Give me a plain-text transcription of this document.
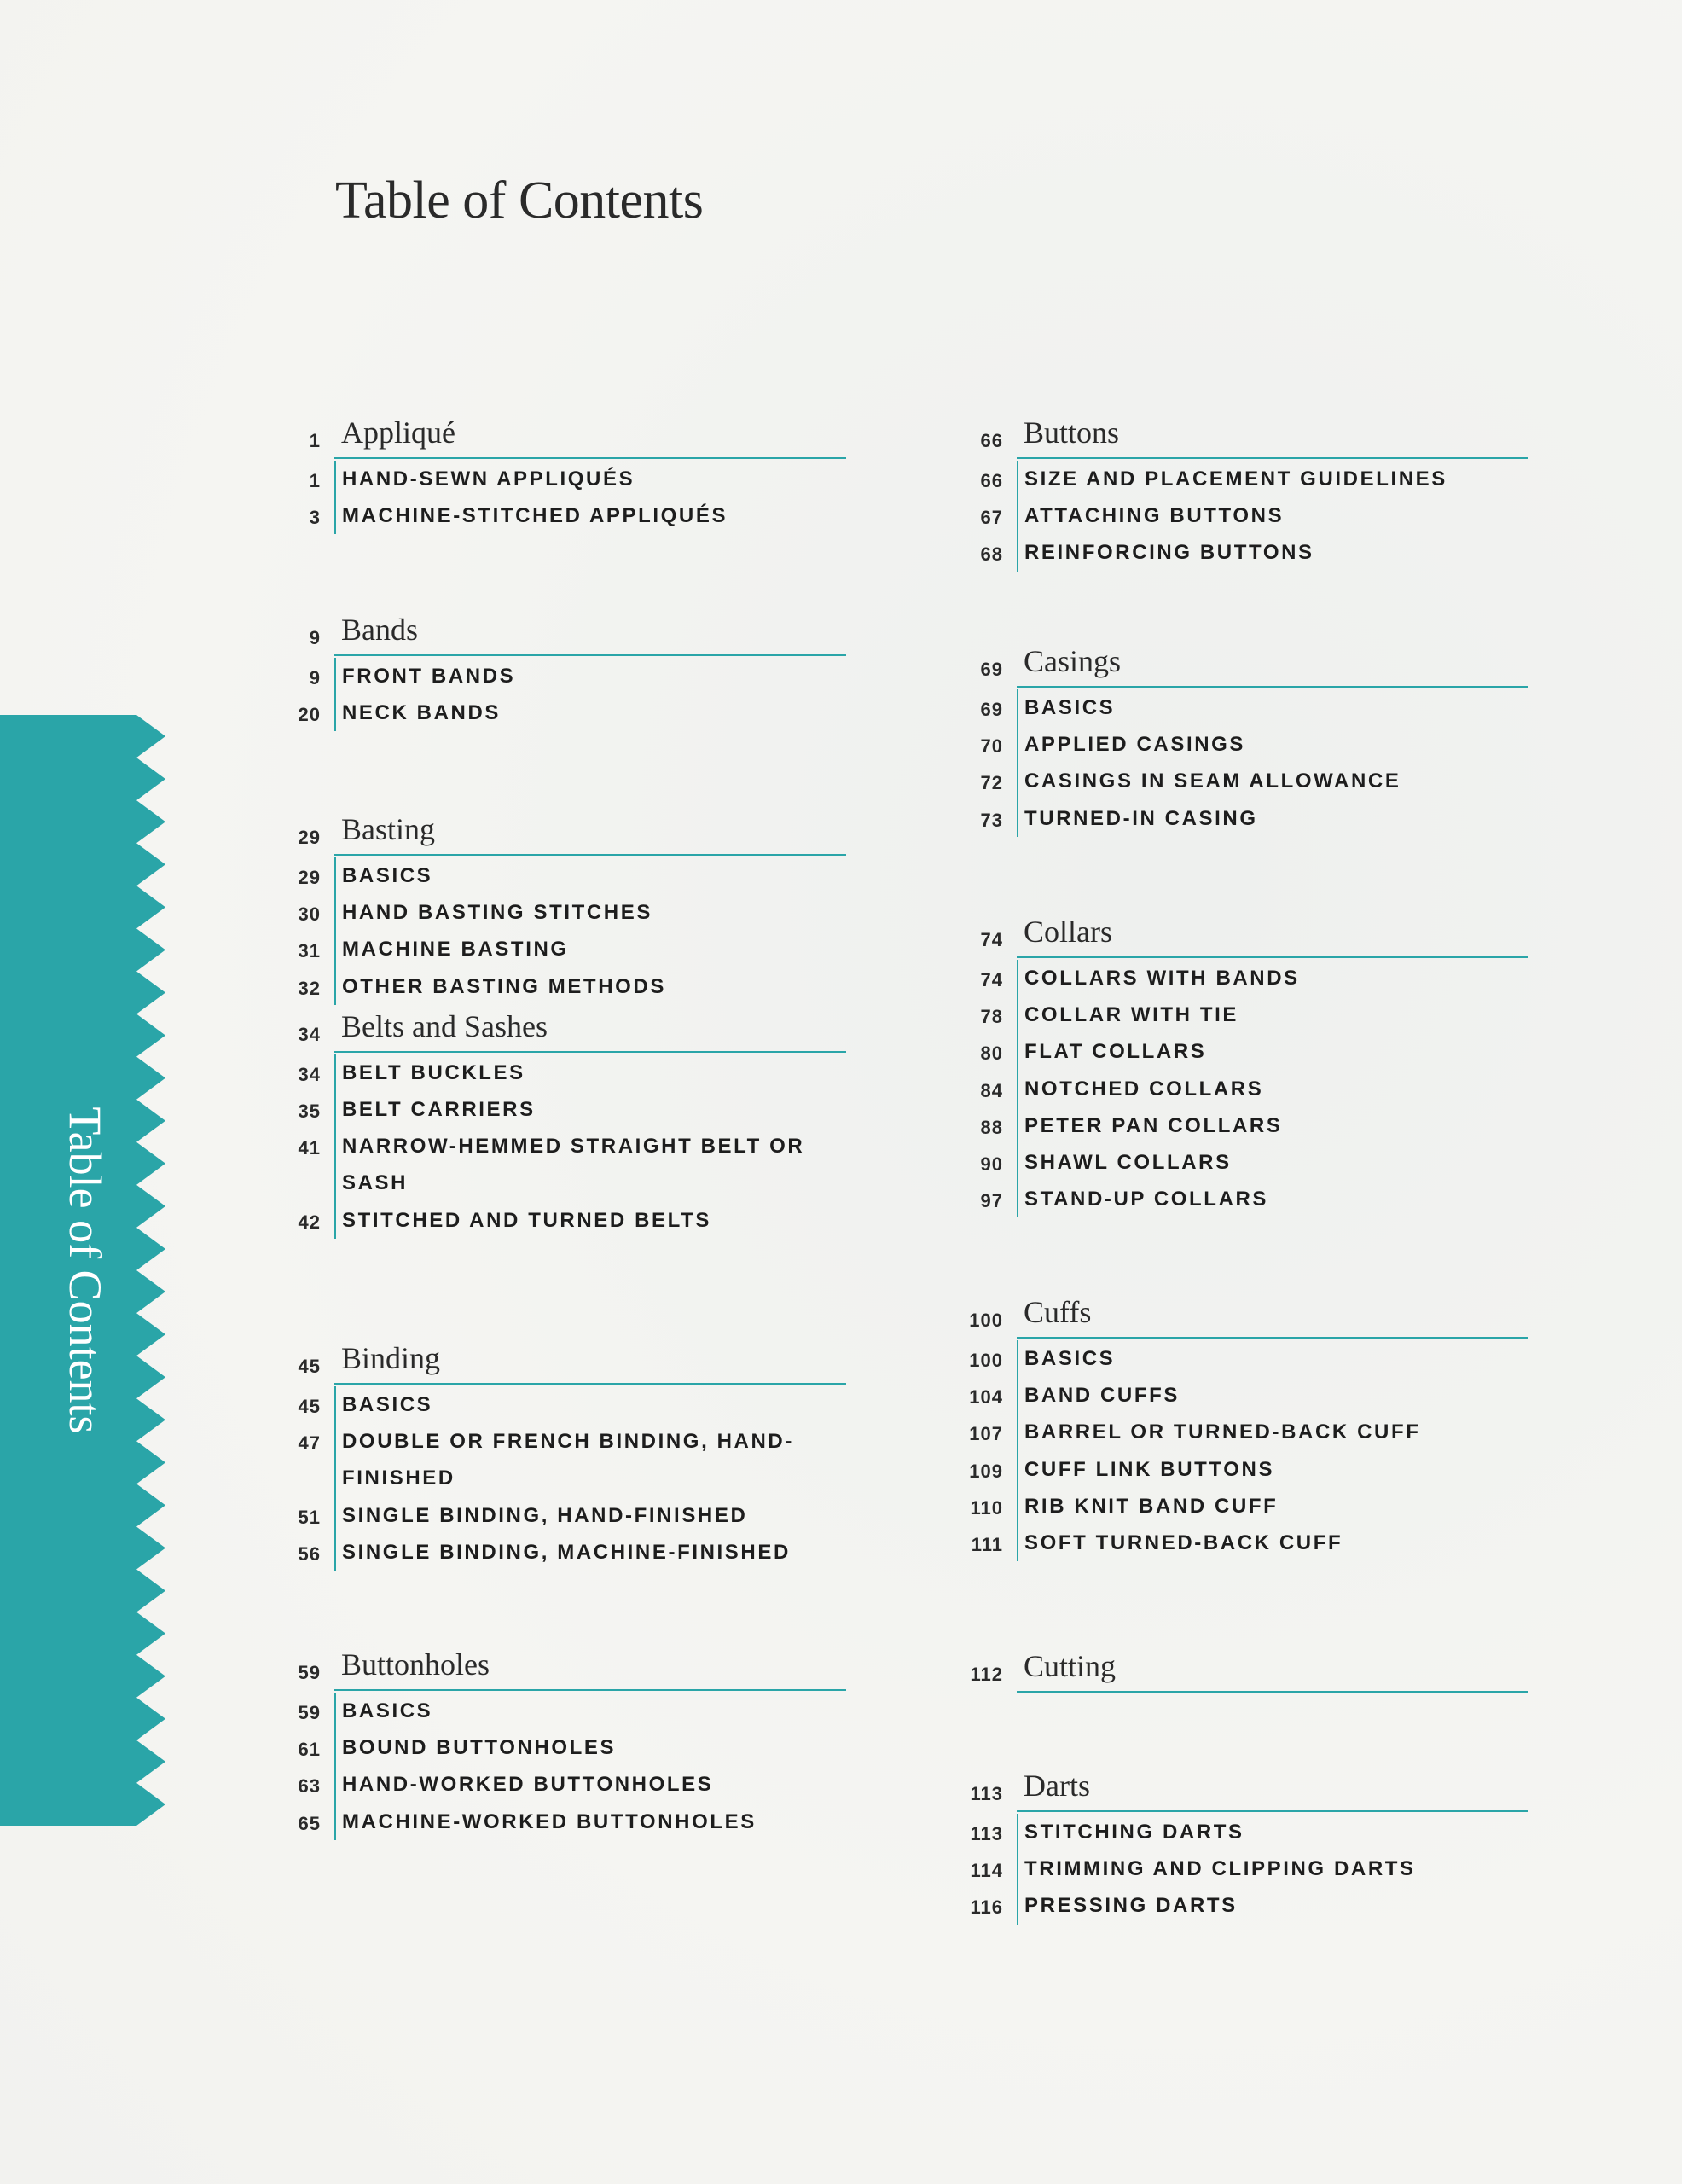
Table of Contents
Table of Contents
1 Appliqué
1 HAND-SEWN APPLIQUÉS
3 MACHINE-STITCHED APPLIQUÉS
9 Bands
9 FRONT BANDS
20 NECK BANDS
29 Basting
29 BASICS
30 HAND BASTING STITCHES
31 MACHINE BASTING
32 OTHER BASTING METHODS
34 Belts and Sashes
34 BELT BUCKLES
35 BELT CARRIERS
41 NARROW-HEMMED STRAIGHT BELT OR SASH
42 STITCHED AND TURNED BELTS
45 Binding
45 BASICS
47 DOUBLE OR FRENCH BINDING, HAND-FINISHED
51 SINGLE BINDING, HAND-FINISHED
56 SINGLE BINDING, MACHINE-FINISHED
59 Buttonholes
59 BASICS
61 BOUND BUTTONHOLES
63 HAND-WORKED BUTTONHOLES
65 MACHINE-WORKED BUTTONHOLES
66 Buttons
66 SIZE AND PLACEMENT GUIDELINES
67 ATTACHING BUTTONS
68 REINFORCING BUTTONS
69 Casings
69 BASICS
70 APPLIED CASINGS
72 CASINGS IN SEAM ALLOWANCE
73 TURNED-IN CASING
74 Collars
74 COLLARS WITH BANDS
78 COLLAR WITH TIE
80 FLAT COLLARS
84 NOTCHED COLLARS
88 PETER PAN COLLARS
90 SHAWL COLLARS
97 STAND-UP COLLARS
100 Cuffs
100 BASICS
104 BAND CUFFS
107 BARREL OR TURNED-BACK CUFF
109 CUFF LINK BUTTONS
110 RIB KNIT BAND CUFF
111 SOFT TURNED-BACK CUFF
112 Cutting
113 Darts
113 STITCHING DARTS
114 TRIMMING AND CLIPPING DARTS
116 PRESSING DARTS
